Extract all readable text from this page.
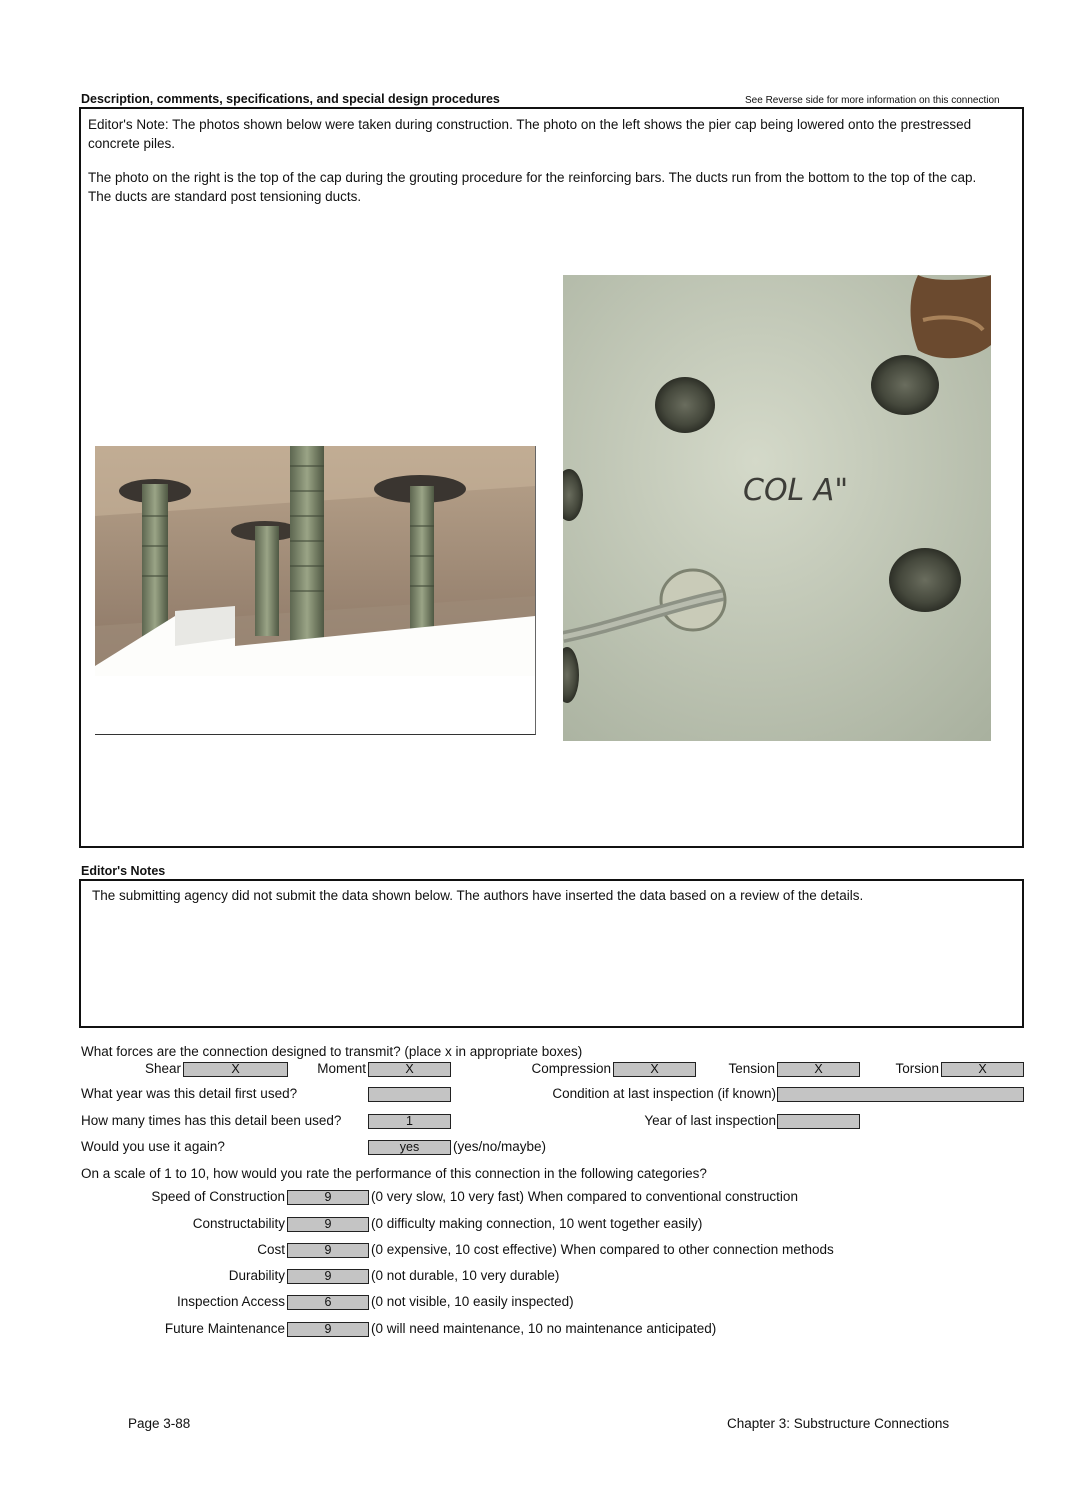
Description, comments, specifications, and special design procedures	See Reverse side for more information on this connection
Editor's Note: The photos shown below were taken during construction. The photo on the left shows the pier cap being lowered onto the prestressed concrete piles.
The photo on the right is the top of the cap during the grouting procedure for the reinforcing bars. The ducts run from the bottom to the top of the cap. The ducts are standard post tensioning ducts.
COL A"
Editor's Notes
The submitting agency did not submit the data shown below. The authors have inserted the data based on a review of the details.
What forces are the connection designed to transmit? (place x in appropriate boxes)
Shear	X	Moment	X	Compression	X	Tension	X	Torsion	X
What year was this detail first used?	Condition at last inspection (if known)
How many times has this detail been used?	1	Year of last inspection
Would you use it again?	yes	(yes/no/maybe)
On a scale of 1 to 10, how would you rate the performance of this connection in the following categories?
Speed of Construction	9	(0 very slow, 10 very fast) When compared to conventional construction
Constructability	9	(0 difficulty making connection, 10 went together easily)
Cost	9	(0 expensive, 10 cost effective) When compared to other connection methods
Durability	9	(0 not durable, 10 very durable)
Inspection Access	6	(0 not visible, 10 easily inspected)
Future Maintenance	9	(0 will need maintenance, 10 no maintenance anticipated)
Page 3-88	Chapter 3: Substructure Connections
